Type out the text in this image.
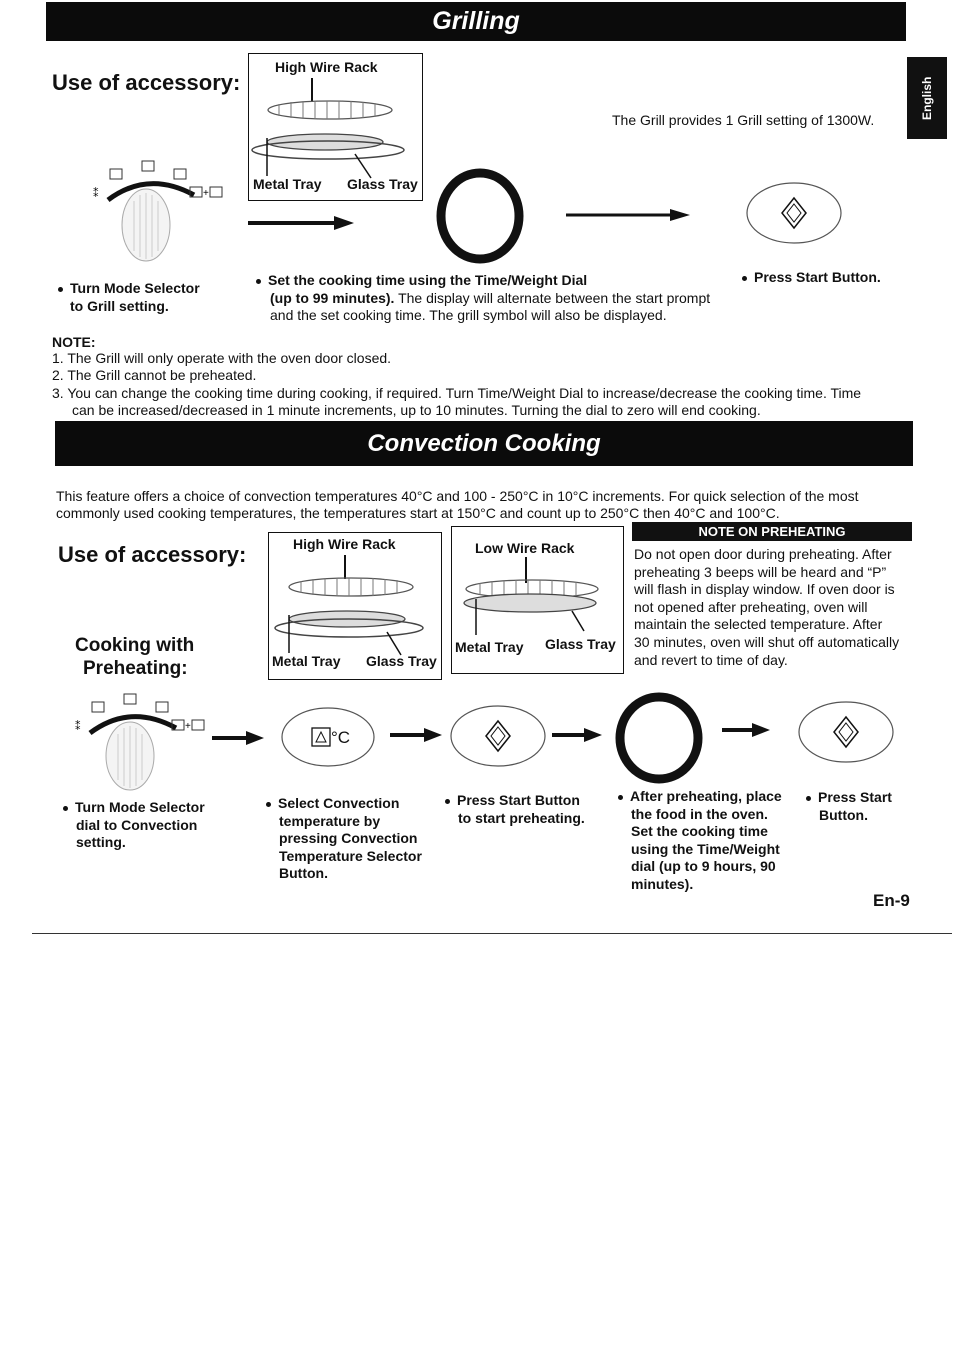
Grilling
English
Use of accessory:
High Wire Rack
Metal Tray Glass Tray
⁑	+
The Grill provides 1 Grill setting of 1300W.
Turn Mode Selector
to Grill setting.
Set the cooking time using the Time/Weight Dial
(up to 99 minutes). The display will alternate between the start prompt
and the set cooking time. The grill symbol will also be displayed.
Press Start Button.
NOTE:
1. The Grill will only operate with the oven door closed.
2. The Grill cannot be preheated.
3. You can change the cooking time during cooking, if required. Turn Time/Weight Dial to increase/decrease the cooking time. Time
can be increased/decreased in 1 minute increments, up to 10 minutes. Turning the dial to zero will end cooking.
Convection Cooking
This feature offers a choice of convection temperatures 40°C and 100 - 250°C in 10°C increments. For quick selection of the most
commonly used cooking temperatures, the temperatures start at 150°C and count up to 250°C then 40°C and 100°C.
Use of accessory:	High Wire Rack
Metal Tray Glass Tray
Low Wire Rack
Metal Tray Glass Tray
NOTE ON PREHEATING
Do not open door during preheating. After
preheating 3 beeps will be heard and “P”
will flash in display window. If oven door is
not opened after preheating, oven will
maintain the selected temperature. After
30 minutes, oven will shut off automatically
and revert to time of day.
Cooking with
Preheating:
⁑	+
°C
Turn Mode Selector
dial to Convection
setting.
Select Convection
temperature by
pressing Convection
Temperature Selector
Button.
Press Start Button
to start preheating.
After preheating, place
the food in the oven.
Set the cooking time
using the Time/Weight
dial (up to 9 hours, 90
minutes).
Press Start
Button.
En-9
